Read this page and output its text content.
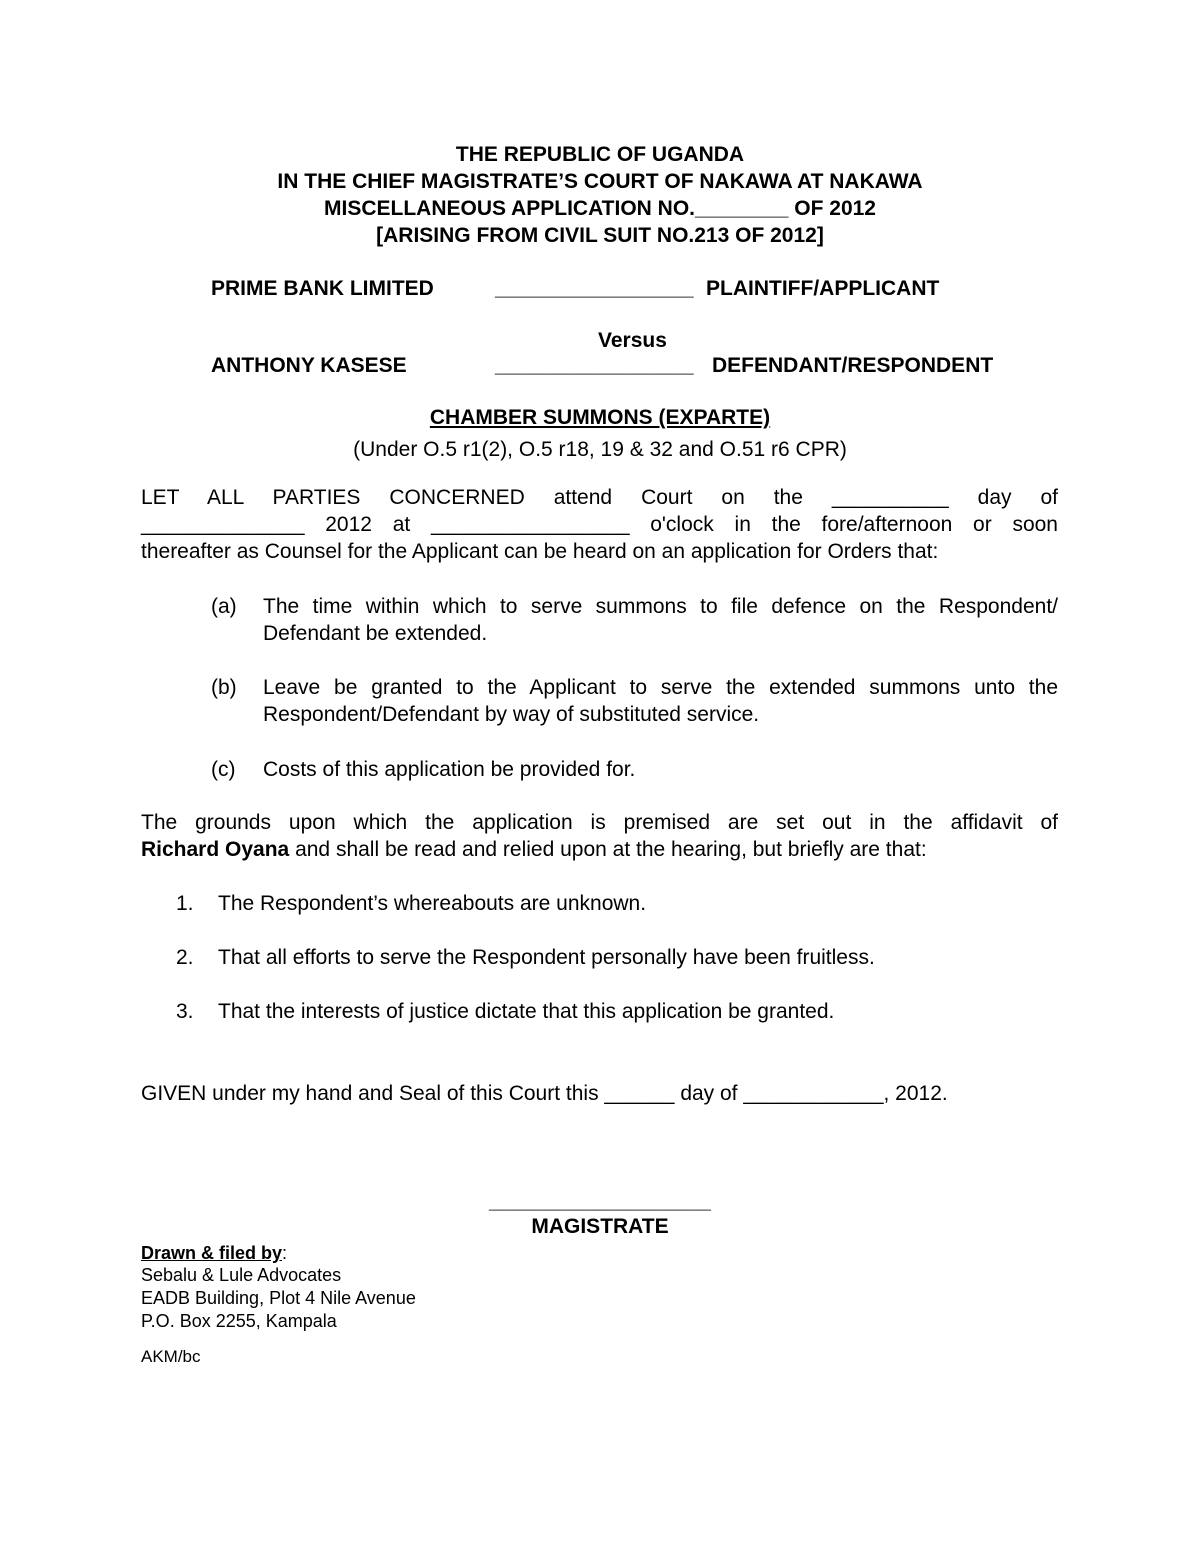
THE REPUBLIC OF UGANDA
IN THE CHIEF MAGISTRATE’S COURT OF NAKAWA AT NAKAWA
MISCELLANEOUS APPLICATION NO.________ OF 2012
[ARISING FROM CIVIL SUIT NO.213 OF 2012]
PRIME BANK LIMITED	_________________ PLAINTIFF/APPLICANT
Versus
ANTHONY KASESE	_________________ DEFENDANT/RESPONDENT
CHAMBER SUMMONS (EXPARTE)
(Under O.5 r1(2), O.5 r18, 19 & 32 and O.51 r6 CPR)
LET ALL PARTIES CONCERNED attend Court on the __________ day of
______________ 2012 at _________________ o'clock in the fore/afternoon or soon
thereafter as Counsel for the Applicant can be heard on an application for Orders that:
(a) The time within which to serve summons to file defence on the Respondent/ Defendant be extended.
(b) Leave be granted to the Applicant to serve the extended summons unto the Respondent/Defendant by way of substituted service.
(c) Costs of this application be provided for.
The grounds upon which the application is premised are set out in the affidavit of
Richard Oyana and shall be read and relied upon at the hearing, but briefly are that:
1. The Respondent’s whereabouts are unknown.
2. That all efforts to serve the Respondent personally have been fruitless.
3. That the interests of justice dictate that this application be granted.
GIVEN under my hand and Seal of this Court this ______ day of ____________, 2012.
___________________
MAGISTRATE
Drawn & filed by:
Sebalu & Lule Advocates
EADB Building, Plot 4 Nile Avenue
P.O. Box 2255, Kampala
AKM/bc
